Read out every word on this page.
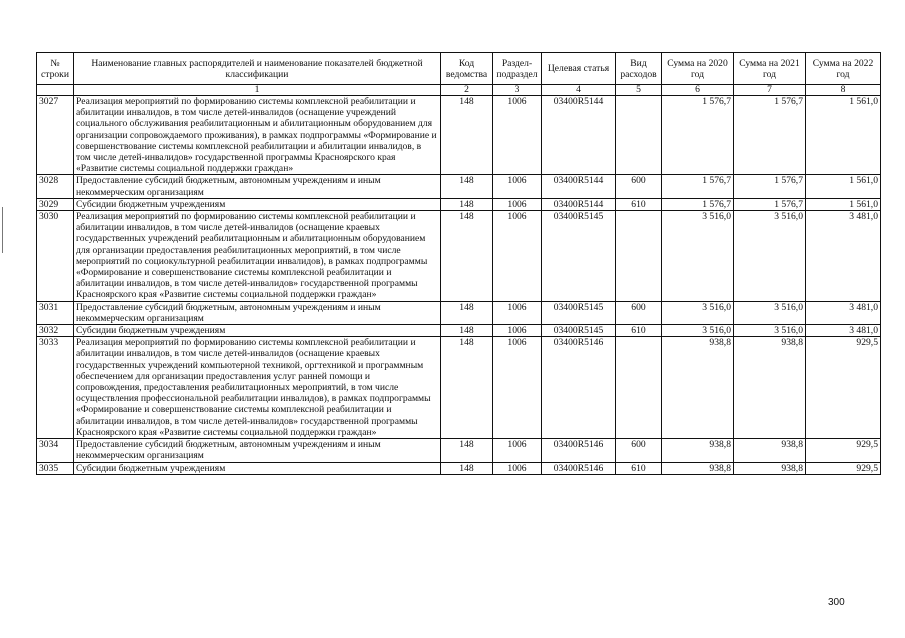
№ строки	Наименование главных распорядителей и наименование показателей бюджетной классификации	Код ведомства	Раздел-подраздел	Целевая статья	Вид расходов	Сумма на 2020 год	Сумма на 2021 год	Сумма на 2022 год
	1	2	3	4	5	6	7	8
3027	Реализация мероприятий по формированию системы комплексной реабилитации и абилитации инвалидов, в том числе детей-инвалидов (оснащение учреждений социального обслуживания реабилитационным и абилитационным оборудованием для организации сопровождаемого проживания), в рамках подпрограммы «Формирование и совершенствование системы комплексной реабилитации и абилитации инвалидов, в том числе детей-инвалидов» государственной программы Красноярского края «Развитие системы социальной поддержки граждан»	148	1006	03400R5144		1 576,7	1 576,7	1 561,0
3028	Предоставление субсидий бюджетным, автономным учреждениям и иным некоммерческим организациям	148	1006	03400R5144	600	1 576,7	1 576,7	1 561,0
3029	Субсидии бюджетным учреждениям	148	1006	03400R5144	610	1 576,7	1 576,7	1 561,0
3030	Реализация мероприятий по формированию системы комплексной реабилитации и абилитации инвалидов, в том числе детей-инвалидов (оснащение краевых государственных учреждений реабилитационным и абилитационным оборудованием для организации предоставления реабилитационных мероприятий, в том числе мероприятий по социокультурной реабилитации инвалидов), в рамках подпрограммы «Формирование и совершенствование системы комплексной реабилитации и абилитации инвалидов, в том числе детей-инвалидов» государственной программы Красноярского края «Развитие системы социальной поддержки граждан»	148	1006	03400R5145		3 516,0	3 516,0	3 481,0
3031	Предоставление субсидий бюджетным, автономным учреждениям и иным некоммерческим организациям	148	1006	03400R5145	600	3 516,0	3 516,0	3 481,0
3032	Субсидии бюджетным учреждениям	148	1006	03400R5145	610	3 516,0	3 516,0	3 481,0
3033	Реализация мероприятий по формированию системы комплексной реабилитации и абилитации инвалидов, в том числе детей-инвалидов (оснащение краевых государственных учреждений компьютерной техникой, оргтехникой и программным обеспечением для организации предоставления услуг ранней помощи и сопровождения, предоставления реабилитационных мероприятий, в том числе осуществления профессиональной реабилитации инвалидов), в рамках подпрограммы «Формирование и совершенствование системы комплексной реабилитации и абилитации инвалидов, в том числе детей-инвалидов» государственной программы Красноярского края «Развитие системы социальной поддержки граждан»	148	1006	03400R5146		938,8	938,8	929,5
3034	Предоставление субсидий бюджетным, автономным учреждениям и иным некоммерческим организациям	148	1006	03400R5146	600	938,8	938,8	929,5
3035	Субсидии бюджетным учреждениям	148	1006	03400R5146	610	938,8	938,8	929,5
300
